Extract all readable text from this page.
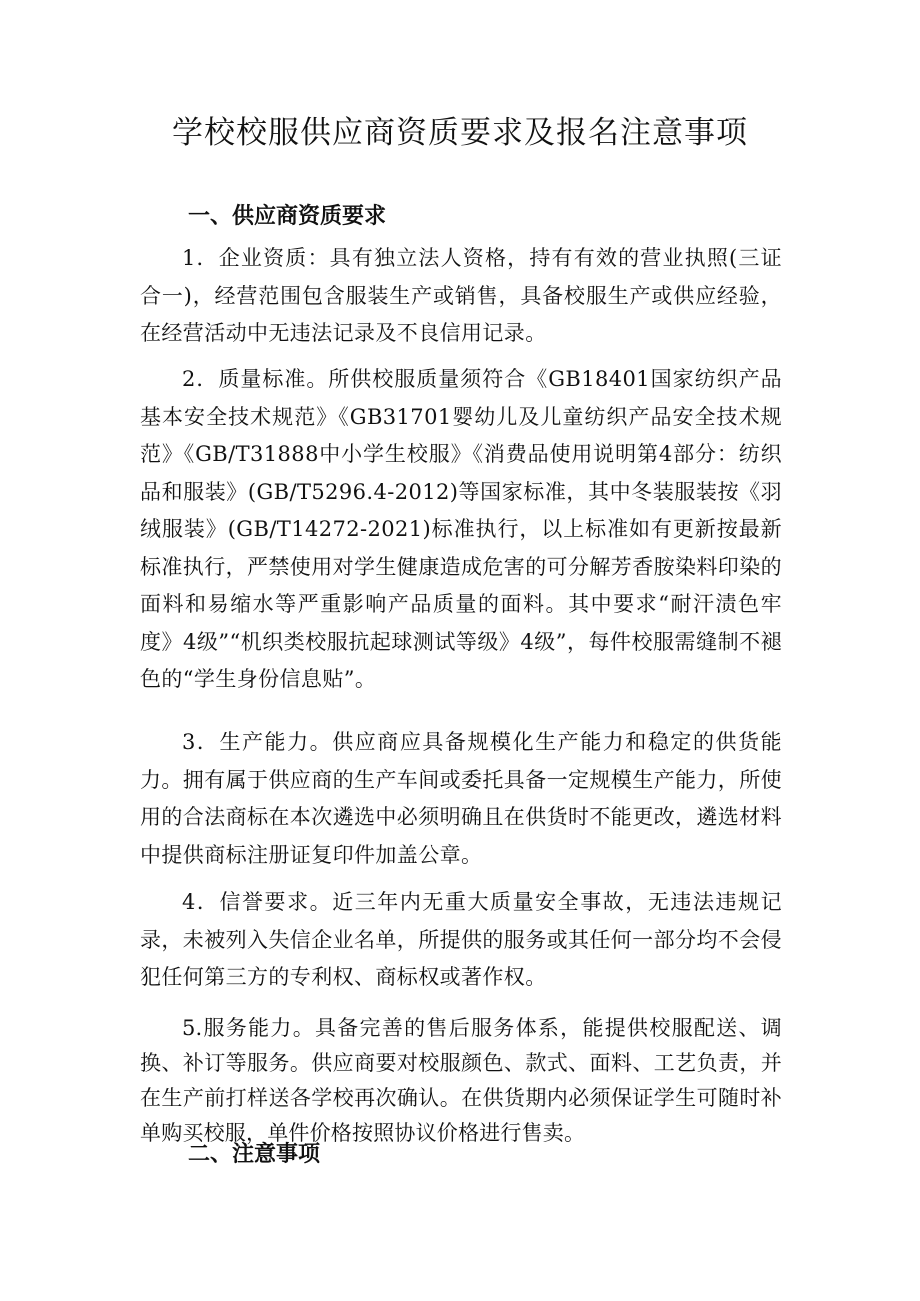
学校校服供应商资质要求及报名注意事项
一、供应商资质要求

1．企业资质：具有独立法人资格，持有有效的营业执照(三证合一)，经营范围包含服装生产或销售，具备校服生产或供应经验，在经营活动中无违法记录及不良信用记录。

2．质量标准。所供校服质量须符合《GB18401国家纺织产品基本安全技术规范》《GB31701婴幼儿及儿童纺织产品安全技术规范》《GB/T31888中小学生校服》《消费品使用说明第4部分：纺织品和服装》(GB/T5296.4-2012)等国家标准，其中冬装服装按《羽绒服装》(GB/T14272-2021)标准执行，以上标准如有更新按最新标准执行，严禁使用对学生健康造成危害的可分解芳香胺染料印染的面料和易缩水等严重影响产品质量的面料。其中要求“耐汗渍色牢度》4级”“机织类校服抗起球测试等级》4级”，每件校服需缝制不褪色的“学生身份信息贴”。

3．生产能力。供应商应具备规模化生产能力和稳定的供货能力。拥有属于供应商的生产车间或委托具备一定规模生产能力，所使用的合法商标在本次遴选中必须明确且在供货时不能更改，遴选材料中提供商标注册证复印件加盖公章。

4．信誉要求。近三年内无重大质量安全事故，无违法违规记录，未被列入失信企业名单，所提供的服务或其任何一部分均不会侵犯任何第三方的专利权、商标权或著作权。

5.服务能力。具备完善的售后服务体系，能提供校服配送、调换、补订等服务。供应商要对校服颜色、款式、面料、工艺负责，并在生产前打样送各学校再次确认。在供货期内必须保证学生可随时补单购买校服，单件价格按照协议价格进行售卖。

二、注意事项
